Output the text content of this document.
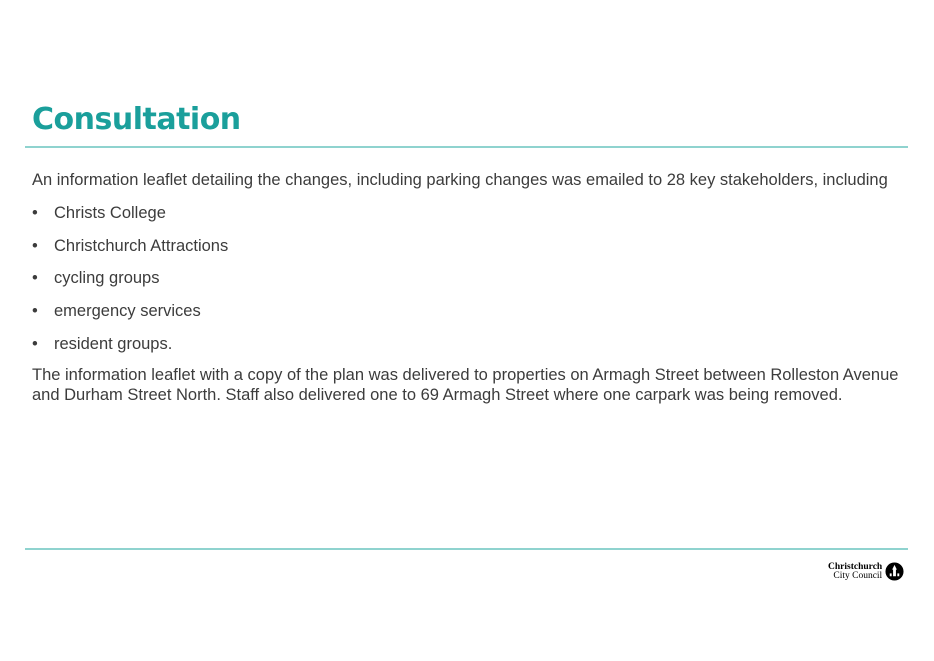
Consultation

An information leaflet detailing the changes, including parking changes was emailed to 28 key stakeholders, including

• Christs College
• Christchurch Attractions
• cycling groups
• emergency services
• resident groups.

The information leaflet with a copy of the plan was delivered to properties on Armagh Street between Rolleston Avenue and Durham Street North. Staff also delivered one to 69 Armagh Street where one carpark was being removed.

Christchurch
City Council
